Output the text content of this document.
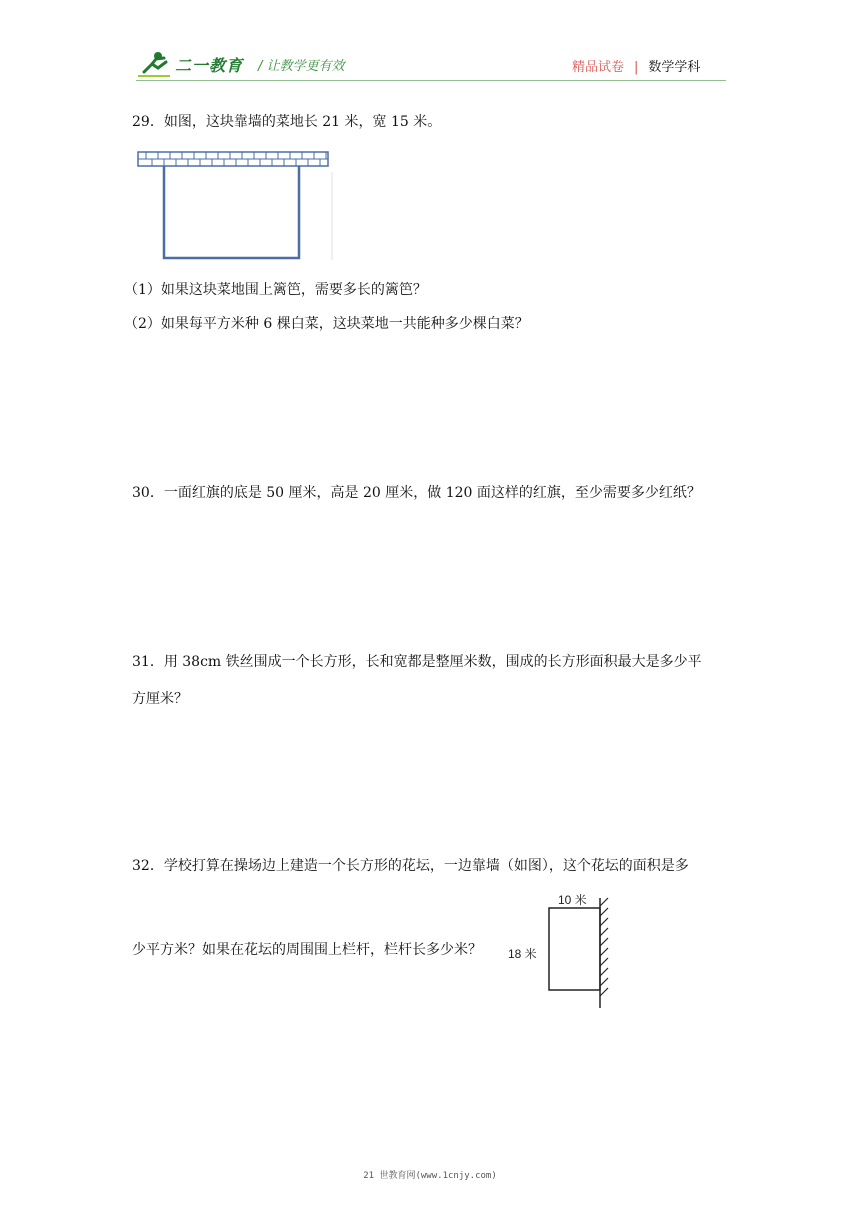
二一教育 / 让教学更有效	精品试卷 | 数学学科
29．如图，这块靠墙的菜地长 21 米，宽 15 米。
（1）如果这块菜地围上篱笆，需要多长的篱笆？
（2）如果每平方米种 6 棵白菜，这块菜地一共能种多少棵白菜？
30．一面红旗的底是 50 厘米，高是 20 厘米，做 120 面这样的红旗，至少需要多少红纸？
31．用 38cm 铁丝围成一个长方形，长和宽都是整厘米数，围成的长方形面积最大是多少平
方厘米？
32．学校打算在操场边上建造一个长方形的花坛，一边靠墙（如图），这个花坛的面积是多
少平方米？如果在花坛的周围围上栏杆，栏杆长多少米？
10 米
18 米
21 世教育网(www.1cnjy.com)
